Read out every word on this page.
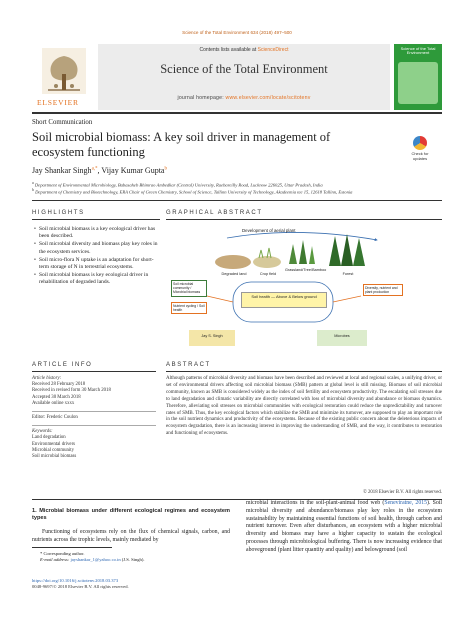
Science of the Total Environment 634 (2018) 497–500
ELSEVIER
Contents lists available at ScienceDirect
Science of the Total Environment
journal homepage: www.elsevier.com/locate/scitotenv
Science of the Total Environment
Short Communication
Soil microbial biomass: A key soil driver in management of ecosystem functioning	Check for updates
Jay Shankar Singh$^{a,*}$, Vijay Kumar Gupta$^b$
$^a$ Department of Environmental Microbiology, Babasaheb Bhimrao Ambedkar (Central) University, Raebareilly Road, Lucknow 226025, Uttar Pradesh, India
$^b$ Department of Chemistry and Biotechnology, ERA Chair of Green Chemistry, School of Science, Tallinn University of Technology, Akadeemia tee 15, 12618 Tallinn, Estonia
HIGHLIGHTS	GRAPHICAL ABSTRACT
• Soil microbial biomass is a key ecological driver has been described.
• Soil microbial diversity and biomass play key roles in the ecosystem services.
• Soil micro-flora N uptake is an adaptation for short-term storage of N in terrestrial ecosystems.
• Soil microbial biomass is key ecological driver in rehabilitation of degraded lands.
Development of aerial plant
Degraded land	Crop field
Grassland/Tree/Bamboo
Forest
Soil microbial community / Microbial biomass
Nutrient cycling / Soil health
Diversity, nutrient and plant production
Soil health — Above & Below ground
Jay S. Singh	Microbes
ARTICLE INFO	ABSTRACT
Article history:
Received 28 February 2018
Received in revised form 30 March 2018
Accepted 30 March 2018
Available online xxxx
Editor: Frederic Coulon
Keywords:
Land degradation
Environmental drivers
Microbial community
Soil microbial biomass
Although patterns of microbial diversity and biomass have been described and reviewed at local and regional scales, a unifying driver, or set of environmental drivers affecting soil microbial biomass (SMB) pattern at global level is still missing. Biomass of soil microbial community, known as SMB is considered widely as the index of soil fertility and ecosystem productivity. The escalating soil stresses due to land degradation and climatic variability are directly correlated with loss of microbial diversity and abundance or biomass dynamics. Therefore, alleviating soil stresses on microbial communities with ecological restoration could reduce the unpredictability and turnover rates of SMB. Thus, the key ecological factors which stabilize the SMB and minimize its turnover, are supposed to play an important role in the soil nutrient dynamics and productivity of the ecosystems. Because of the existing public concern about the deleterious impacts of ecosystem degradation, there is an increasing interest in improving the understanding of SMB, and the way, it contributes to restoration and functioning of ecosystems.
© 2018 Elsevier B.V. All rights reserved.
1. Microbial biomass under different ecological regimes and ecosystem types
Functioning of ecosystems rely on the flux of chemical signals, carbon, and nutrients across the trophic levels, mainly mediated by
microbial interactions in the soil-plant-animal food web (Seneviratne, 2015). Soil microbial diversity and abundance/biomass play key roles in the ecosystem sustainability by maintaining essential functions of soil health, through carbon and nutrient turnover. Even after disturbances, an ecosystem with a higher microbial diversity and biomass may have a higher capacity to sustain the ecological processes through microbiological buffering. There is now increasing evidence that aboveground (plant litter quantity and quality) and belowground (soil
* Corresponding author.
E-mail address: jayshankar_1@yahoo.co.in (J.S. Singh).
https://doi.org/10.1016/j.scitotenv.2018.03.373
0048-9697/© 2018 Elsevier B.V. All rights reserved.
